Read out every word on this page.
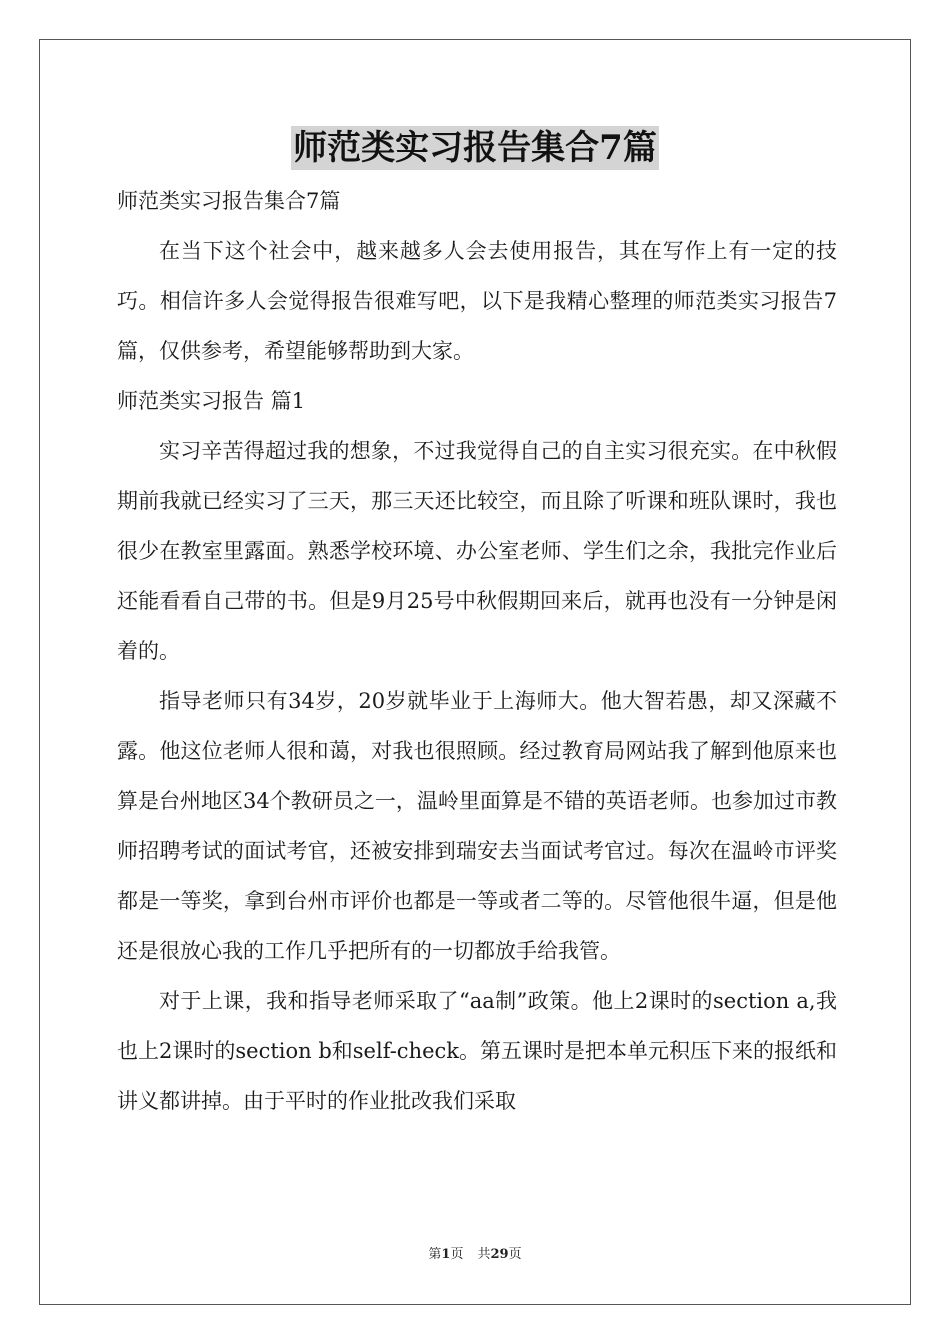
师范类实习报告集合7篇

师范类实习报告集合7篇

在当下这个社会中，越来越多人会去使用报告，其在写作上有一定的技巧。相信许多人会觉得报告很难写吧，以下是我精心整理的师范类实习报告7篇，仅供参考，希望能够帮助到大家。

师范类实习报告 篇1

实习辛苦得超过我的想象，不过我觉得自己的自主实习很充实。在中秋假期前我就已经实习了三天，那三天还比较空，而且除了听课和班队课时，我也很少在教室里露面。熟悉学校环境、办公室老师、学生们之余，我批完作业后还能看看自己带的书。但是9月25号中秋假期回来后，就再也没有一分钟是闲着的。

指导老师只有34岁，20岁就毕业于上海师大。他大智若愚，却又深藏不露。他这位老师人很和蔼，对我也很照顾。经过教育局网站我了解到他原来也算是台州地区34个教研员之一，温岭里面算是不错的英语老师。也参加过市教师招聘考试的面试考官，还被安排到瑞安去当面试考官过。每次在温岭市评奖都是一等奖，拿到台州市评价也都是一等或者二等的。尽管他很牛逼，但是他还是很放心我的工作几乎把所有的一切都放手给我管。

对于上课，我和指导老师采取了“aa制”政策。他上2课时的section a,我也上2课时的section b和self-check。第五课时是把本单元积压下来的报纸和讲义都讲掉。由于平时的作业批改我们采取

第1页 共29页
